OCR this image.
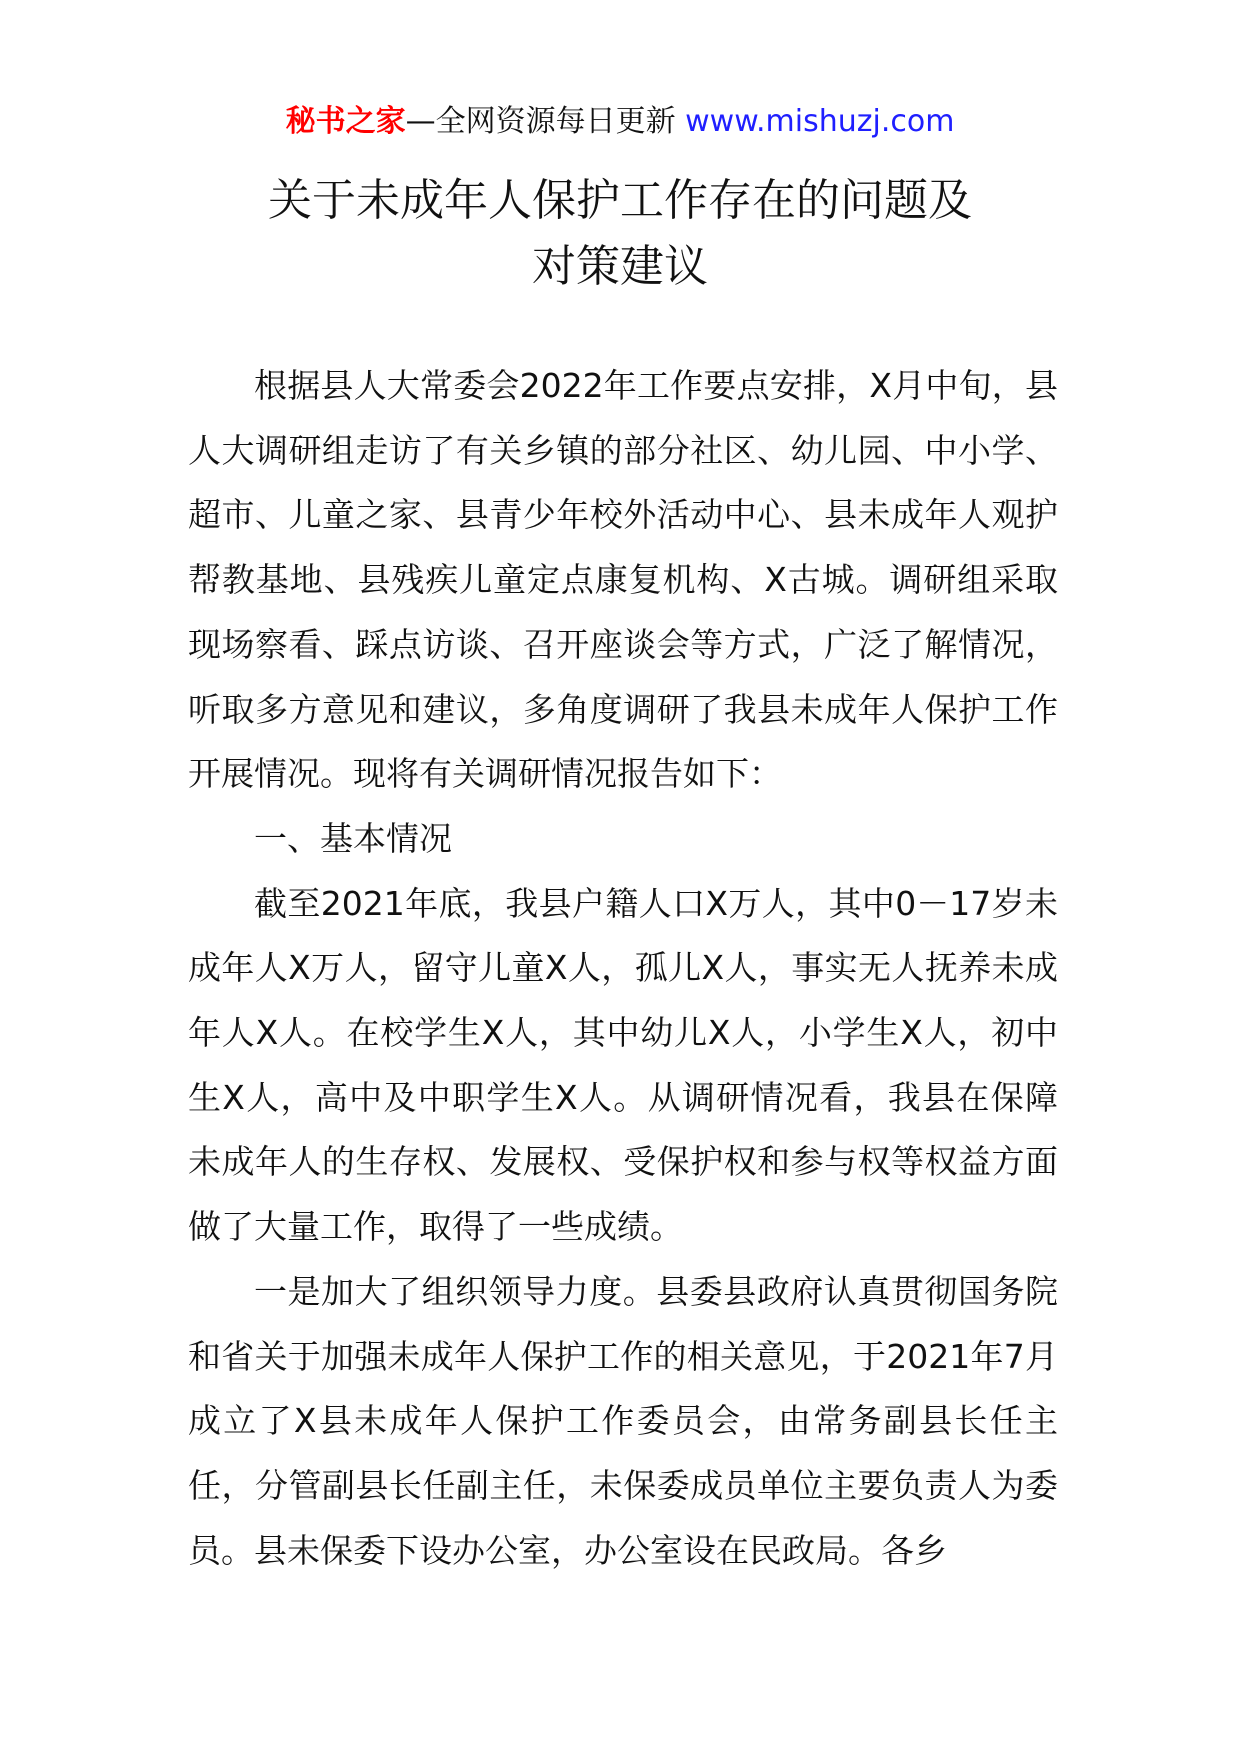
秘书之家—全网资源每日更新 www.mishuzj.com
关于未成年人保护工作存在的问题及
对策建议

根据县人大常委会2022年工作要点安排，X月中旬，县人大调研组走访了有关乡镇的部分社区、幼儿园、中小学、超市、儿童之家、县青少年校外活动中心、县未成年人观护帮教基地、县残疾儿童定点康复机构、X古城。调研组采取现场察看、踩点访谈、召开座谈会等方式，广泛了解情况，听取多方意见和建议，多角度调研了我县未成年人保护工作开展情况。现将有关调研情况报告如下：

一、基本情况

截至2021年底，我县户籍人口X万人，其中0－17岁未成年人X万人，留守儿童X人，孤儿X人，事实无人抚养未成年人X人。在校学生X人，其中幼儿X人，小学生X人，初中生X人，高中及中职学生X人。从调研情况看，我县在保障未成年人的生存权、发展权、受保护权和参与权等权益方面做了大量工作，取得了一些成绩。

一是加大了组织领导力度。县委县政府认真贯彻国务院和省关于加强未成年人保护工作的相关意见，于2021年7月成立了X县未成年人保护工作委员会，由常务副县长任主任，分管副县长任副主任，未保委成员单位主要负责人为委员。县未保委下设办公室，办公室设在民政局。各乡
